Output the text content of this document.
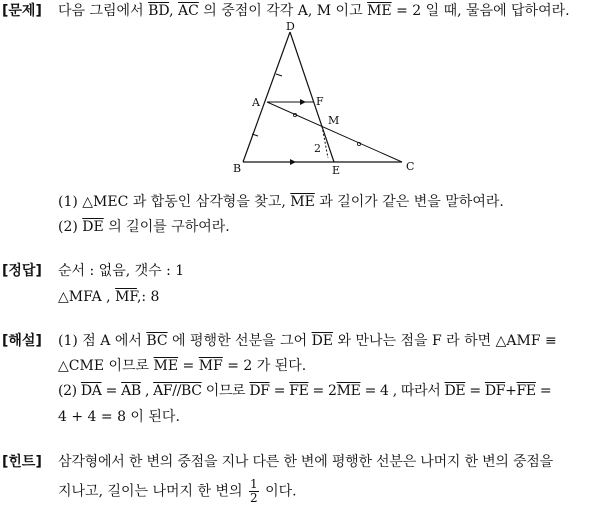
[문제] 다음 그림에서 $\overline{BD}$, $\overline{AC}$ 의 중점이 각각 A, M 이고 $\overline{ME} = 2$ 일 때, 물음에 답하여라.
D
A	F
M
B	E	C
2
(1) △MEC 과 합동인 삼각형을 찾고, $\overline{ME}$ 과 길이가 같은 변을 말하여라.
(2) $\overline{DE}$ 의 길이를 구하여라.
[정답] 순서 : 없음, 갯수 : 1
△MFA , $\overline{MF}$,: 8
[해설] (1) 점 A 에서 $\overline{BC}$ 에 평행한 선분을 그어 $\overline{DE}$ 와 만나는 점을 F 라 하면 △AMF ≡
△CME 이므로 $\overline{ME} = \overline{MF} = 2$ 가 된다.
(2) $\overline{DA} = \overline{AB}$ , AF//BC 이므로 $\overline{DF} = \overline{FE} = 2\overline{ME} = 4$ , 따라서 $\overline{DE} = \overline{DF}+\overline{FE}$ =
4 + 4 = 8 이 된다.
[힌트] 삼각형에서 한 변의 중점을 지나 다른 한 변에 평행한 선분은 나머지 한 변의 중점을
지나고, 길이는 나머지 한 변의 $\frac{1}{2}$ 이다.
